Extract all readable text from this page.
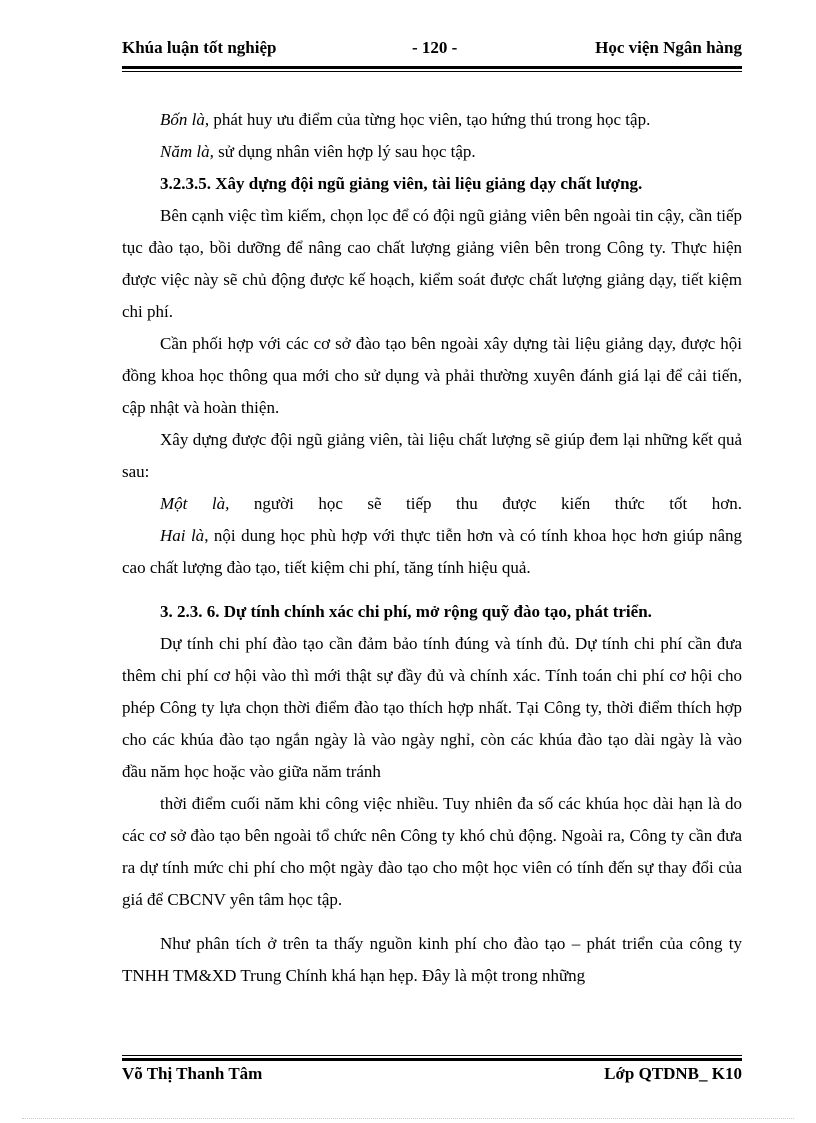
Khúa luận tốt nghiệp	- 120 -	Học viện Ngân hàng

Bốn là, phát huy ưu điểm của từng học viên, tạo hứng thú trong học tập.

Năm là, sử dụng nhân viên hợp lý sau học tập.

3.2.3.5. Xây dựng đội ngũ giảng viên, tài liệu giảng dạy chất lượng.

Bên cạnh việc tìm kiếm, chọn lọc để có đội ngũ giảng viên bên ngoài tin cậy, cần tiếp tục đào tạo, bồi dưỡng để nâng cao chất lượng giảng viên bên trong Công ty. Thực hiện được việc này sẽ chủ động được kế hoạch, kiểm soát được chất lượng giảng dạy, tiết kiệm chi phí.

Cần phối hợp với các cơ sở đào tạo bên ngoài xây dựng tài liệu giảng dạy, được hội đồng khoa học thông qua mới cho sử dụng và phải thường xuyên đánh giá lại để cải tiến, cập nhật và hoàn thiện.

Xây dựng được đội ngũ giảng viên, tài liệu chất lượng sẽ giúp đem lại những kết quả sau:

Một là, người học sẽ tiếp thu được kiến thức tốt hơn.

Hai là, nội dung học phù hợp với thực tiễn hơn và có tính khoa học hơn giúp nâng cao chất lượng đào tạo, tiết kiệm chi phí, tăng tính hiệu quả.

3. 2.3. 6. Dự tính chính xác chi phí, mở rộng quỹ đào tạo, phát triển.

Dự tính chi phí đào tạo cần đảm bảo tính đúng và tính đủ. Dự tính chi phí cần đưa thêm chi phí cơ hội vào thì mới thật sự đầy đủ và chính xác. Tính toán chi phí cơ hội cho phép Công ty lựa chọn thời điểm đào tạo thích hợp nhất. Tại Công ty, thời điểm thích hợp cho các khúa đào tạo ngắn ngày là vào ngày nghỉ, còn các khúa đào tạo dài ngày là vào đầu năm học hoặc vào giữa năm tránh

thời điểm cuối năm khi công việc nhiều. Tuy nhiên đa số các khúa học dài hạn là do các cơ sở đào tạo bên ngoài tổ chức nên Công ty khó chủ động. Ngoài ra, Công ty cần đưa ra dự tính mức chi phí cho một ngày đào tạo cho một học viên có tính đến sự thay đổi của giá để CBCNV yên tâm học tập.

Như phân tích ở trên ta thấy nguồn kinh phí cho đào tạo – phát triển của công ty TNHH TM&XD Trung Chính khá hạn hẹp. Đây là một trong những

Võ Thị Thanh Tâm	Lớp QTDNB_ K10
